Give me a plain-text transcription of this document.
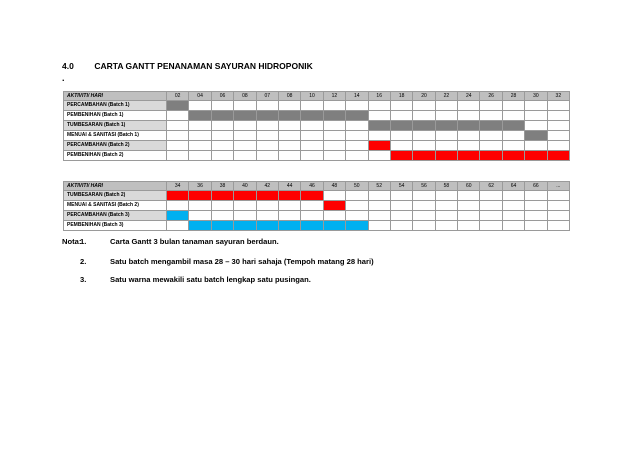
4.0 CARTA GANTT PENANAMAN SAYURAN HIDROPONIK
.
AKTIVITI/ HARI	02	04	06	08	07	08	10	12	14	16	18	20	22	24	26	28	30	32
PERCAMBAHAN (Batch 1)																		
PEMBENIHAN (Batch 1)																		
TUMBESARAN (Batch 1)																		
MENUAI & SANITASI (Batch 1)																		
PERCAMBAHAN (Batch 2)																		
PEMBENIHAN (Batch 2)																		
AKTIVITI/ HARI	34	36	38	40	42	44	46	48	50	52	54	56	58	60	62	64	66	...
TUMBESARAN (Batch 2)																		
MENUAI & SANITASI (Batch 2)																		
PERCAMBAHAN (Batch 3)																		
PEMBENIHAN (Batch 3)																		
Nota:
1.	Carta Gantt 3 bulan tanaman sayuran berdaun.
2.	Satu batch mengambil masa 28 – 30 hari sahaja (Tempoh matang 28 hari)
3.	Satu warna mewakili satu batch lengkap satu pusingan.
